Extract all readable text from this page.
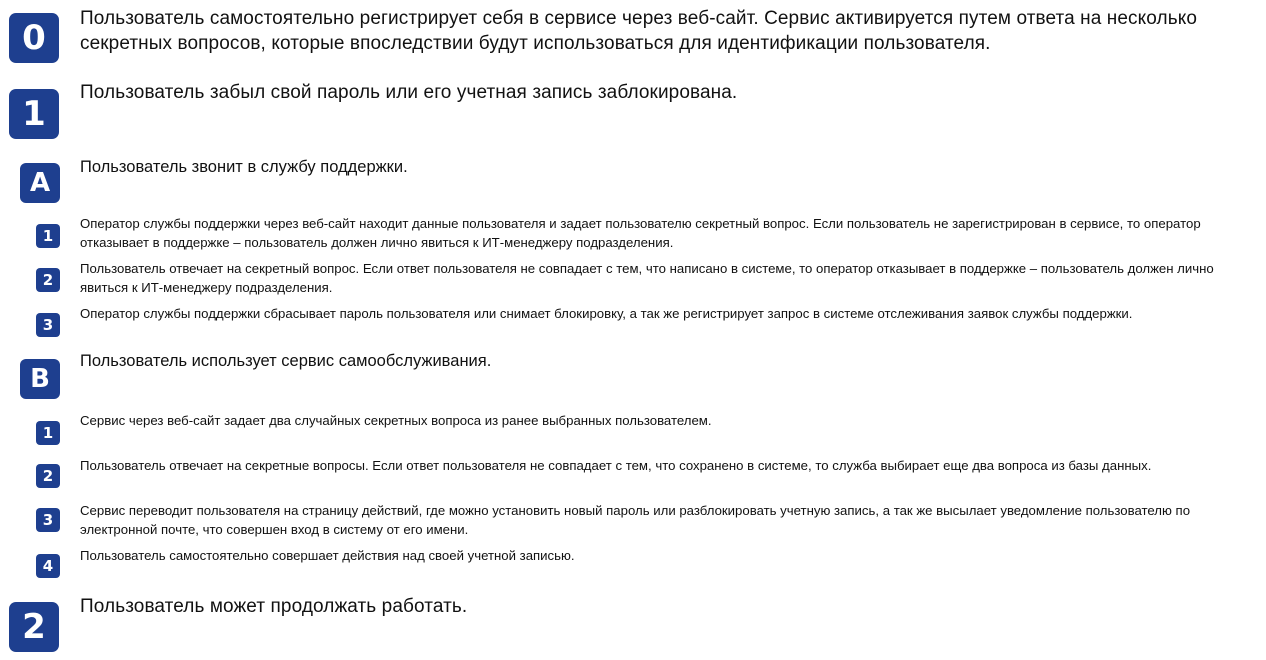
0	Пользователь самостоятельно регистрирует себя в сервисе через веб-сайт. Сервис активируется путем ответа на несколько секретных вопросов, которые впоследствии будут использоваться для идентификации пользователя.

1

Пользователь забыл свой пароль или его учетная запись заблокирована.

A

Пользователь звонит в службу поддержки.

1

Оператор службы поддержки через веб-сайт находит данные пользователя и задает пользователю секретный вопрос. Если пользователь не зарегистрирован в сервисе, то оператор отказывает в поддержке – пользователь должен лично явиться к ИТ-менеджеру подразделения.

2

Пользователь отвечает на секретный вопрос. Если ответ пользователя не совпадает с тем, что написано в системе, то оператор отказывает в поддержке – пользователь должен лично явиться к ИТ-менеджеру подразделения.

3

Оператор службы поддержки сбрасывает пароль пользователя или снимает блокировку, а так же регистрирует запрос в системе отслеживания заявок службы поддержки.

B

Пользователь использует сервис самообслуживания.

1

Сервис через веб-сайт задает два случайных секретных вопроса из ранее выбранных пользователем.

2

Пользователь отвечает на секретные вопросы. Если ответ пользователя не совпадает с тем, что сохранено в системе, то служба выбирает еще два вопроса из базы данных.

3	Сервис переводит пользователя на страницу действий, где можно установить новый пароль или разблокировать учетную запись, а так же высылает уведомление пользователю по электронной почте, что совершен вход в систему от его имени.

4

Пользователь самостоятельно совершает действия над своей учетной записью.

2

Пользователь может продолжать работать.
